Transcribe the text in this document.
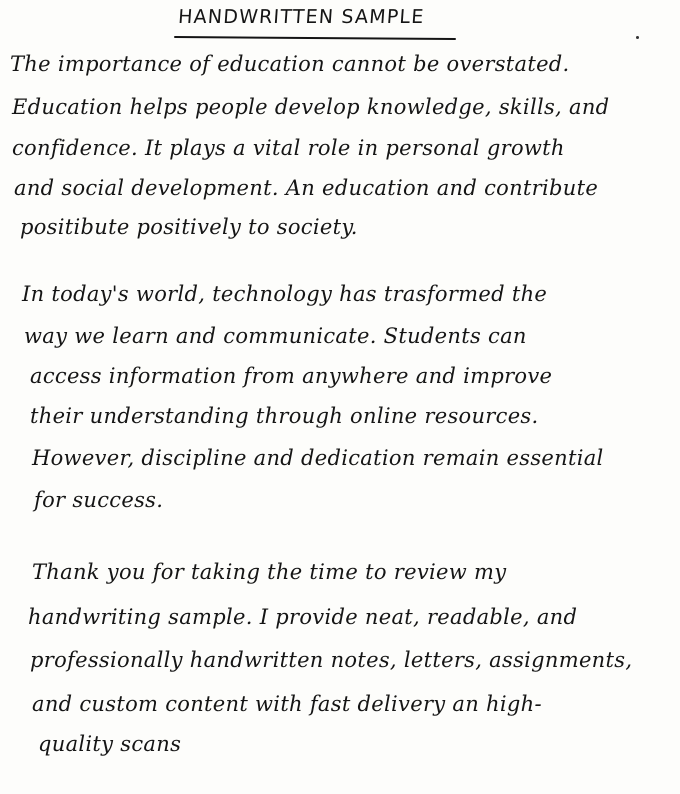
HANDWRITTEN SAMPLE
The importance of education cannot be overstated.
Education helps people develop knowledge, skills, and
confidence. It plays a vital role in personal growth
and social development. An education and contribute
positibute positively to society.
In today's world, technology has trasformed the
way we learn and communicate. Students can
access information from anywhere and improve
their understanding through online resources.
However, discipline and dedication remain essential
for success.
Thank you for taking the time to review my
handwriting sample. I provide neat, readable, and
professionally handwritten notes, letters, assignments,
and custom content with fast delivery an high-
quality scans
